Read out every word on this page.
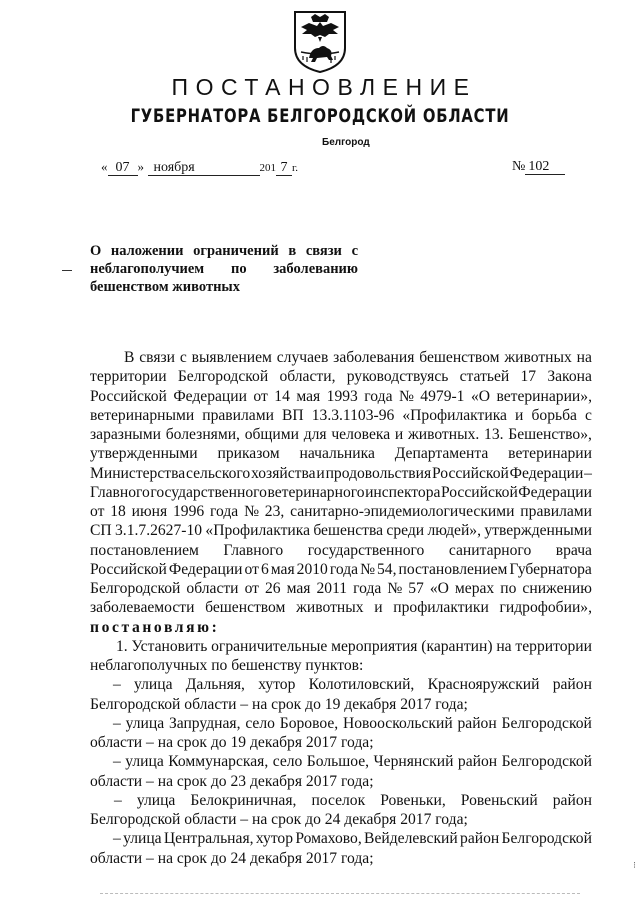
ПОСТАНОВЛЕНИЕ
ГУБЕРНАТОРА БЕЛГОРОДСКОЙ ОБЛАСТИ
Белгород
« 07 » ноября	201 7 г.	№ 102
О наложении ограничений в связи с
неблагополучием по заболеванию
бешенством животных
В связи с выявлением случаев заболевания бешенством животных на
территории Белгородской области, руководствуясь статьей 17 Закона
Российской Федерации от 14 мая 1993 года № 4979-1 «О ветеринарии»,
ветеринарными правилами ВП 13.3.1103-96 «Профилактика и борьба с
заразными болезнями, общими для человека и животных. 13. Бешенство»,
утвержденными приказом начальника Департамента ветеринарии
Министерства сельского хозяйства и продовольствия Российской Федерации –
Главного государственного ветеринарного инспектора Российской Федерации
от 18 июня 1996 года № 23, санитарно-эпидемиологическими правилами
СП 3.1.7.2627-10 «Профилактика бешенства среди людей», утвержденными
постановлением Главного государственного санитарного врача
Российской Федерации от 6 мая 2010 года № 54, постановлением Губернатора
Белгородской области от 26 мая 2011 года № 57 «О мерах по снижению
заболеваемости бешенством животных и профилактики гидрофобии»,
постановляю:
1. Установить ограничительные мероприятия (карантин) на территории
неблагополучных по бешенству пунктов:
– улица Дальняя, хутор Колотиловский, Краснояружский район
Белгородской области – на срок до 19 декабря 2017 года;
– улица Запрудная, село Боровое, Новооскольский район Белгородской
области – на срок до 19 декабря 2017 года;
– улица Коммунарская, село Большое, Чернянский район Белгородской
области – на срок до 23 декабря 2017 года;
– улица Белокриничная, поселок Ровеньки, Ровеньский район
Белгородской области – на срок до 24 декабря 2017 года;
– улица Центральная, хутор Ромахово, Вейделевский район Белгородской
области – на срок до 24 декабря 2017 года;	⁝
